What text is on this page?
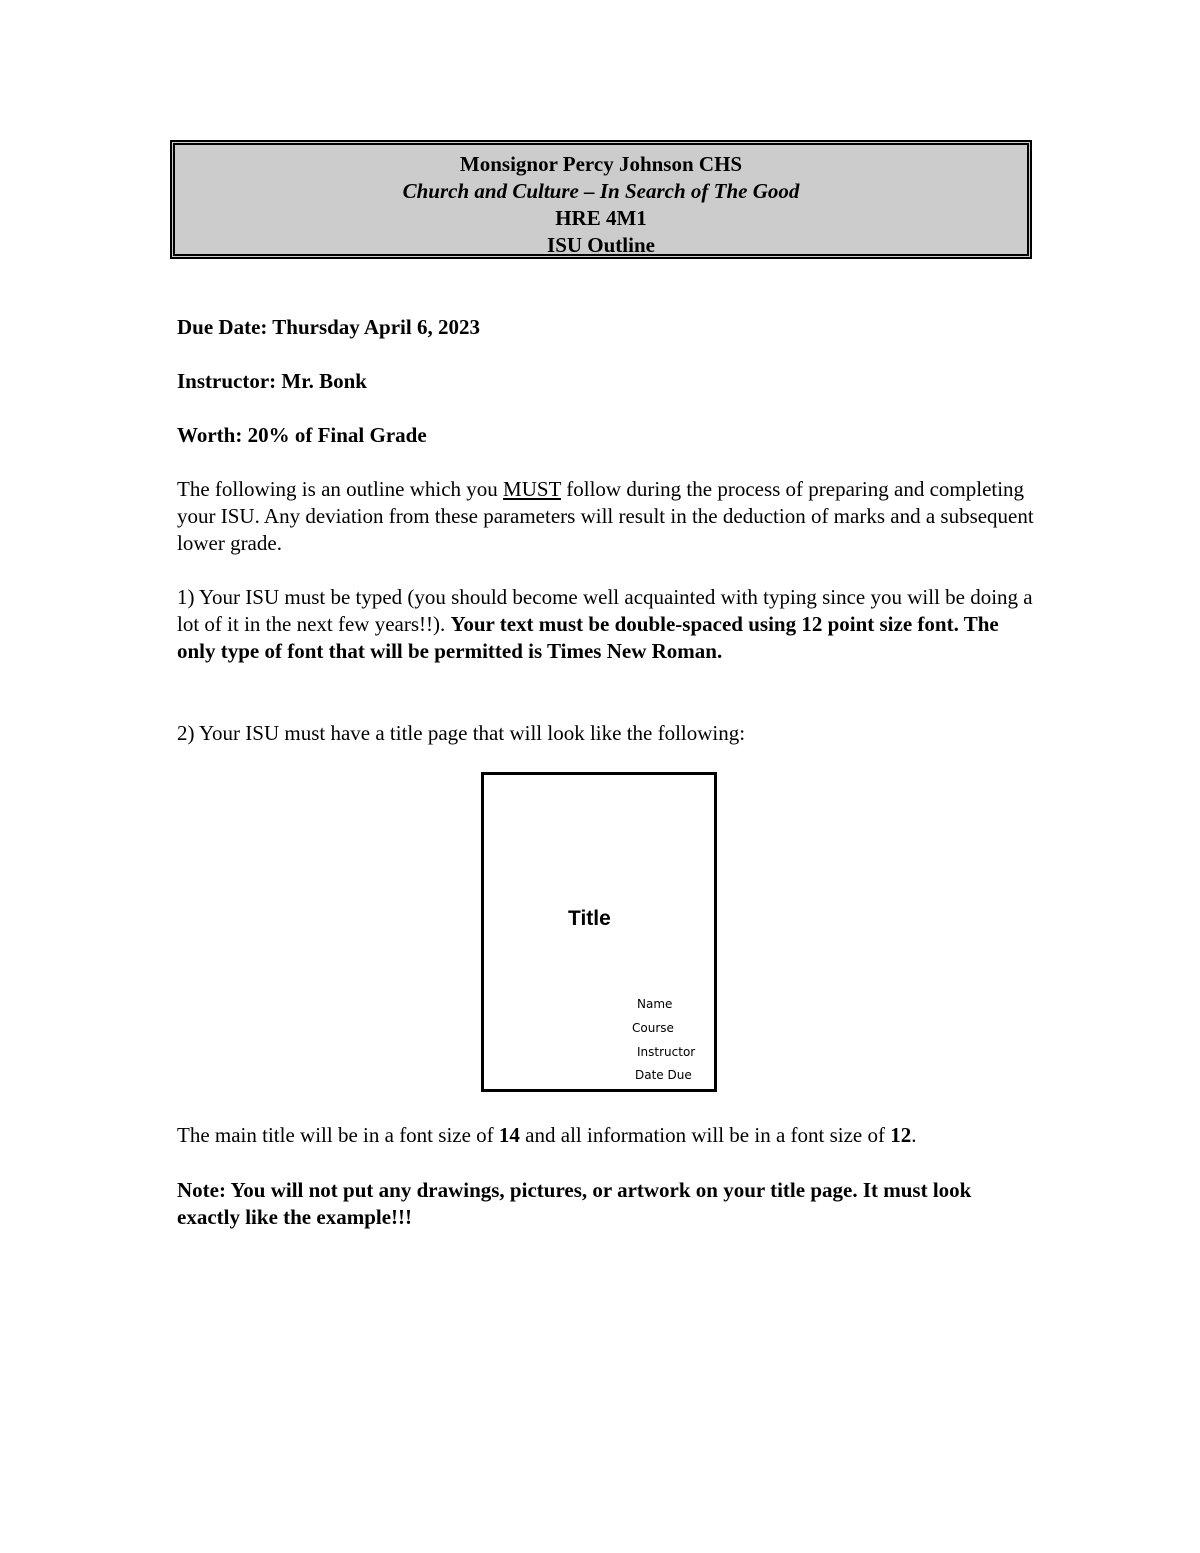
Monsignor Percy Johnson CHS
Church and Culture – In Search of The Good
HRE 4M1
ISU Outline
Due Date: Thursday April 6, 2023
Instructor: Mr. Bonk
Worth: 20% of Final Grade
The following is an outline which you MUST follow during the process of preparing and completing your ISU. Any deviation from these parameters will result in the deduction of marks and a subsequent lower grade.
1) Your ISU must be typed (you should become well acquainted with typing since you will be doing a lot of it in the next few years!!). Your text must be double-spaced using 12 point size font. The only type of font that will be permitted is Times New Roman.
2) Your ISU must have a title page that will look like the following:
Title
Name
Course
Instructor
Date Due
The main title will be in a font size of 14 and all information will be in a font size of 12.
Note: You will not put any drawings, pictures, or artwork on your title page. It must look exactly like the example!!!
